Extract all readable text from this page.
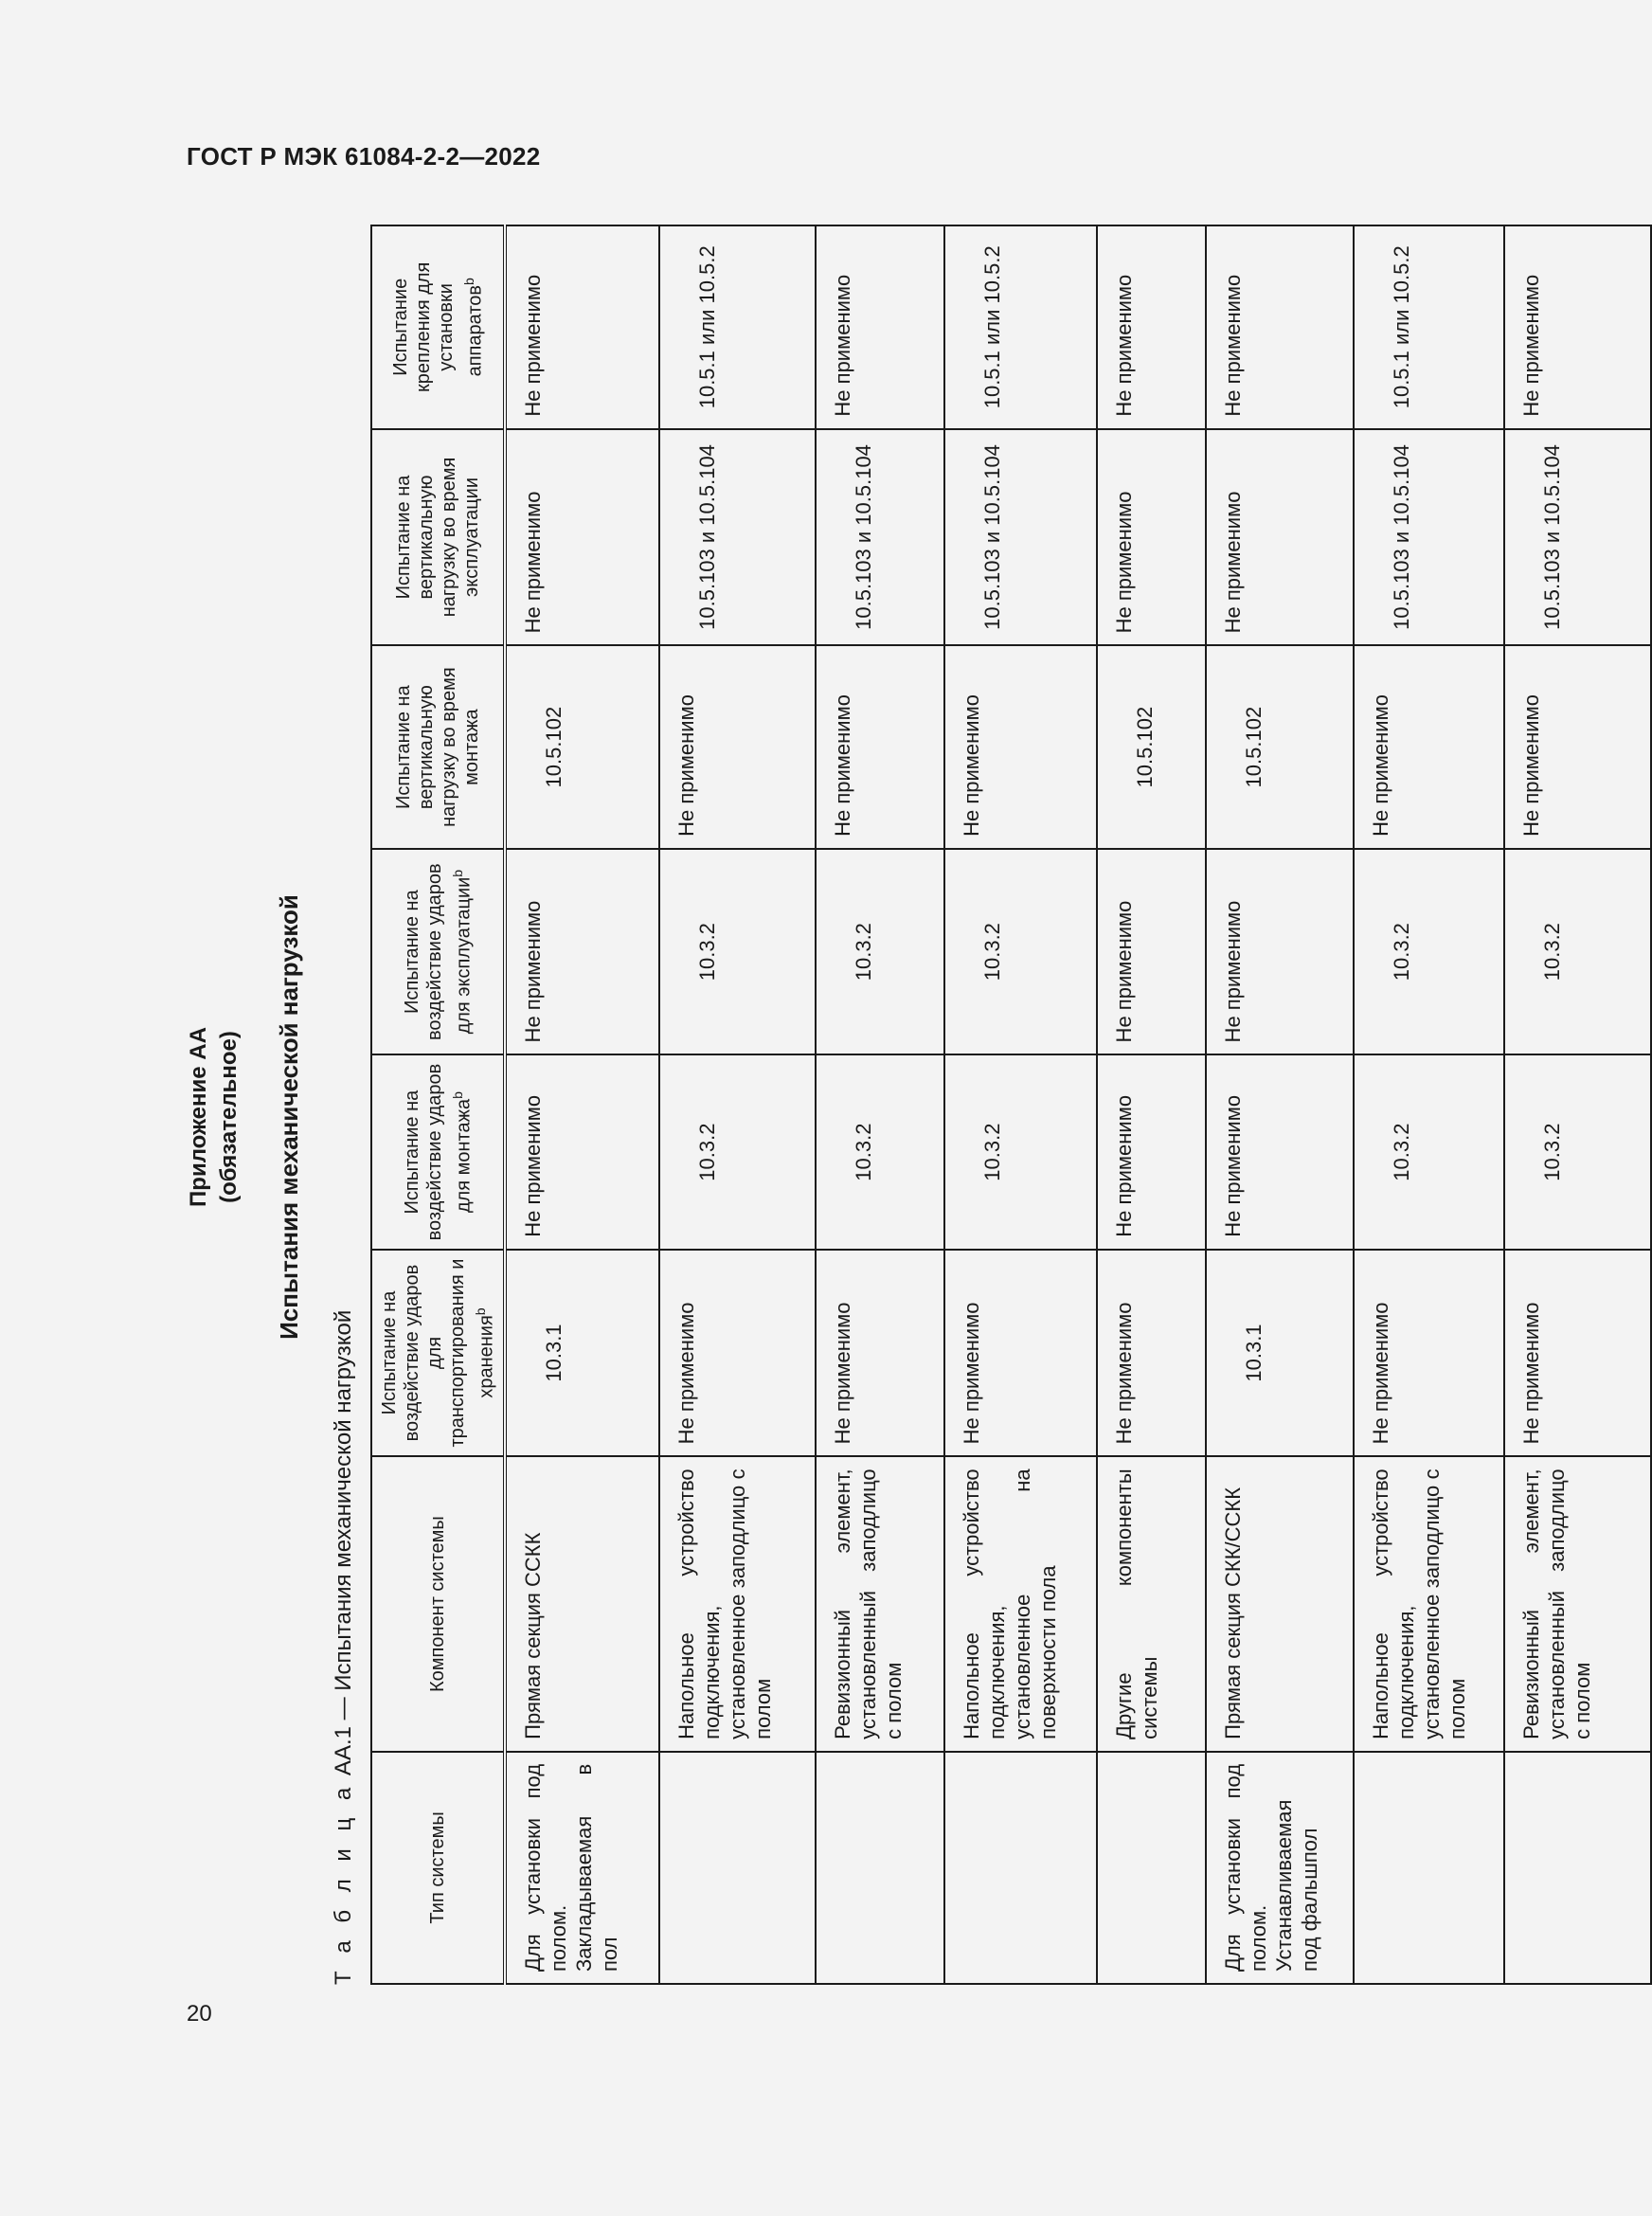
ГОСТ Р МЭК 61084-2-2—2022
20
Приложение АА (обязательное) Испытания механической нагрузкой
Т а б л и ц а АА.1 — Испытания механической нагрузкой
Тип системы	Компонент системы	Испытание на воздействие ударов для транспортирования и хранения$^b$	Испытание на воздействие ударов для монтажа$^b$	Испытание на воздействие ударов для эксплуатации$^b$	Испытание на вертикальную нагрузку во время монтажа	Испытание на вертикальную нагрузку во время эксплуатации	Испытание крепления для установки аппаратов$^b$

Для установки под полом. Закладываемая в пол	Прямая секция ССКК	10.3.1	Не применимо	Не применимо	10.5.102	Не применимо	Не применимо
	Напольное устройство подключения, установленное заподлицо с полом	Не применимо	10.3.2	10.3.2	Не применимо	10.5.103 и 10.5.104	10.5.1 или 10.5.2
	Ревизионный элемент, установленный заподлицо с полом	Не применимо	10.3.2	10.3.2	Не применимо	10.5.103 и 10.5.104	Не применимо
	Напольное устройство подключения, установленное на поверхности пола	Не применимо	10.3.2	10.3.2	Не применимо	10.5.103 и 10.5.104	10.5.1 или 10.5.2
	Другие компоненты системы	Не применимо	Не применимо	Не применимо	10.5.102	Не применимо	Не применимо
Для установки под полом. Устанавливаемая под фальшпол	Прямая секция СКК/ССКК	10.3.1	Не применимо	Не применимо	10.5.102	Не применимо	Не применимо
	Напольное устройство подключения, установленное заподлицо с полом	Не применимо	10.3.2	10.3.2	Не применимо	10.5.103 и 10.5.104	10.5.1 или 10.5.2
	Ревизионный элемент, установленный заподлицо с полом	Не применимо	10.3.2	10.3.2	Не применимо	10.5.103 и 10.5.104	Не применимо
